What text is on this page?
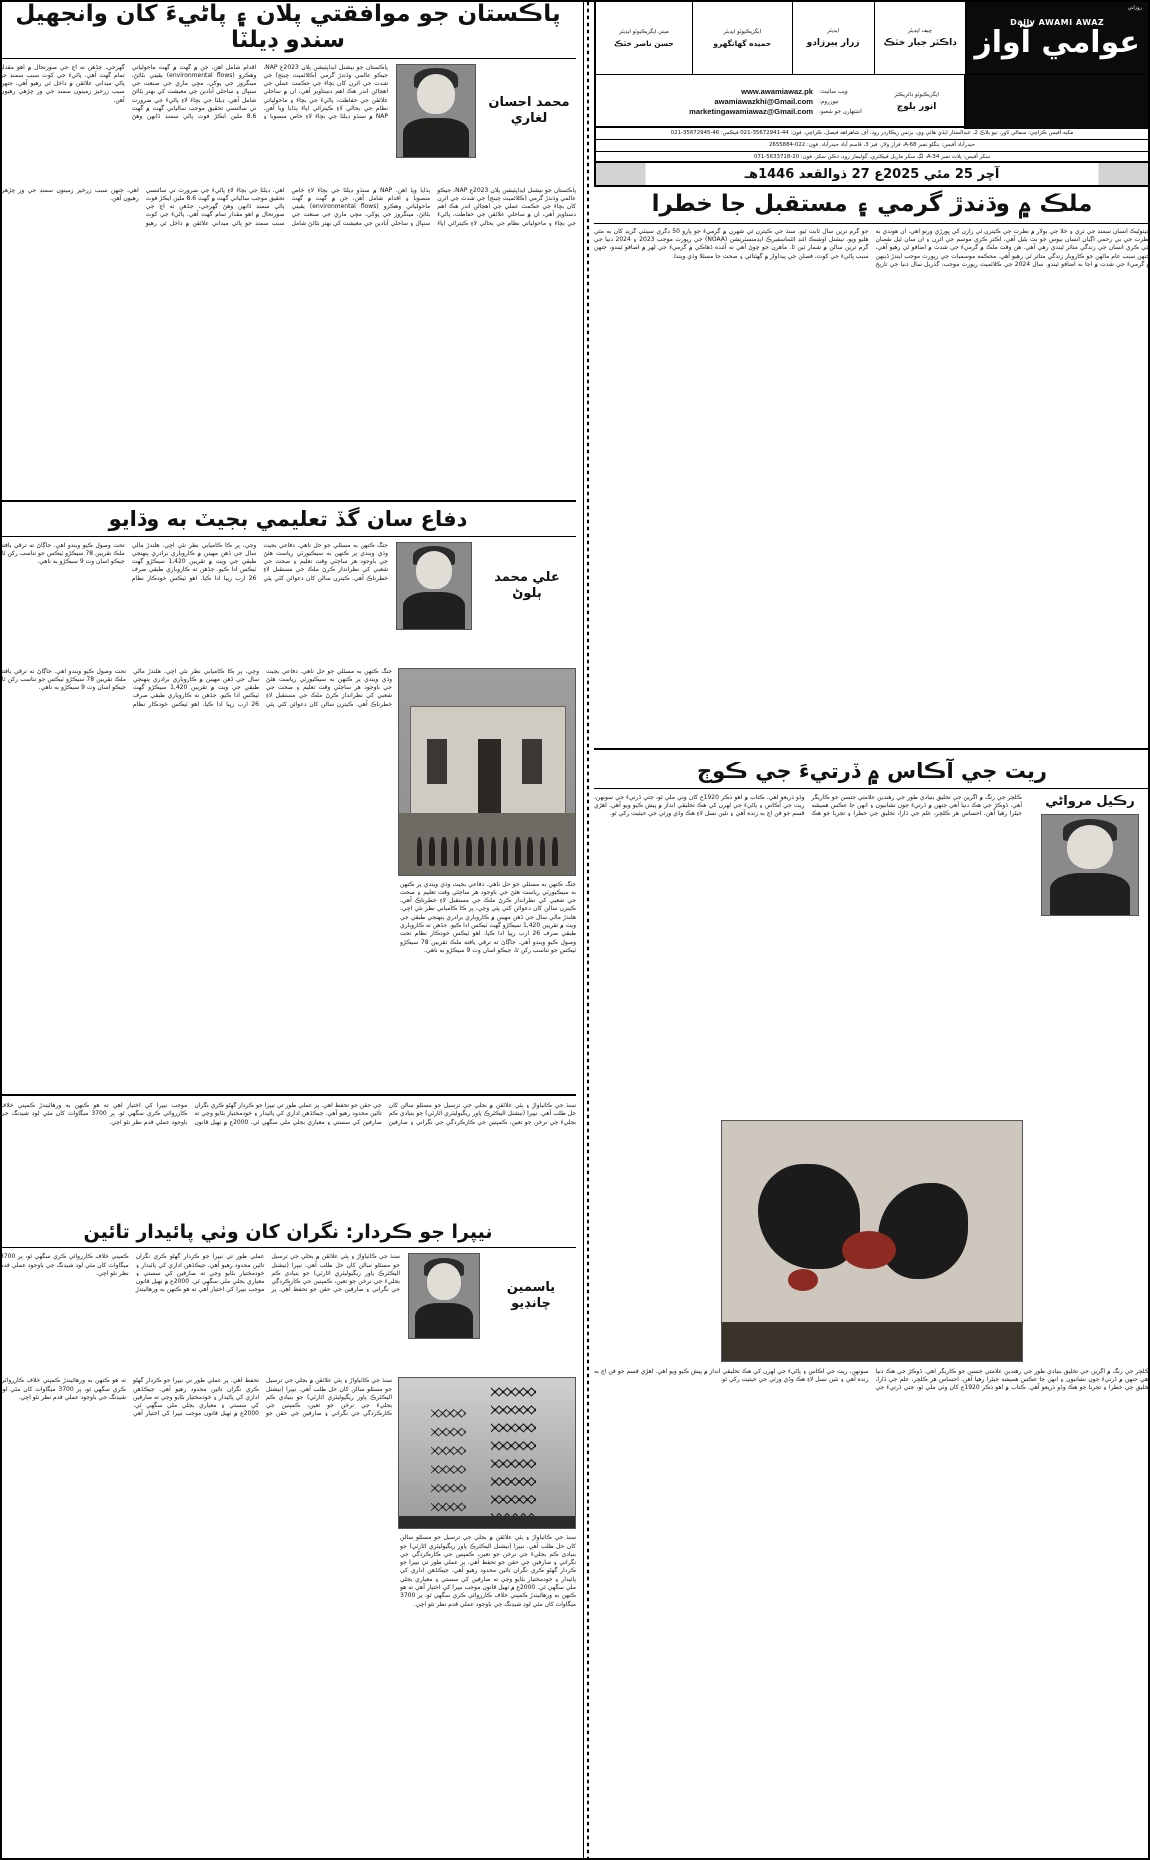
روزاني
Daily AWAMI AWAZ
عوامي آواز
چيف ايڊيٽر
ڊاڪٽر جبار خٽڪ
ايڊيٽر
زرار پيرزادو
ايگزيڪيوٽو ايڊيٽر
حميده گهانگهرو
ميني ايگزيڪيوٽو ايڊيٽر
حسن ناصر خٽڪ
ايگزيڪيوٽو ڊائريڪٽر
انور بلوچ
ويب سائيٽ:
www.awamiawaz.pk
نيوزروم:
awamiawazkhi@Gmail.com
اشتهارن جو شعبو:
marketingawamiawaz@Gmail.com
مکيه آفيس ڪراچي: سماڻي ٽاور، نيو بلاڪ 2، عبدالستار ايڌي هائي وي، بزنس ريڪارڊر روڊ، آف شاهراهه فيصل، ڪراچي. فون: 44-35672941-021 فيڪس: 46-35672945-021
حيدرآباد آفيس: بنگلو نمبر A-68، فراز ولاز، فيز 3، قاسم آباد حيدرآباد. فون: 022-2655884
سکر آفيس: پلاٽ نمبر A-34، لڳ سکر ماربل فيڪٽري، گوليمار روڊ، دڪن سکر. فون: 20-5633718-071
آچر 25 مئي 2025ع 27 ذوالقعد 1446هـ
ملڪ ۾ وڌندڙ گرمي ۽ مستقبل جا خطرا
جيتوڻيڪ انسان سمنڊ جي تري ۽ خلا جي بولار ۾ نظرت جي ڪيترن ئي رازن کي ڀورڙي ورتو آهي، ان هوندي به نظرت جي بي رحمي اڳيان انسان بيوس جو بت بڻيل آهي. اڪثر ڪري موسم جي اثرن ۽ ان سان ٿيل نقصان جي ڪري انسان جي زندگي متاثر ٿيندي رهي آهي. هن وقت ملڪ ۾ گرميءَ جي شدت ۾ اضافو ٿي رهيو آهي، جنهن سبب عام ماڻهن جو ڪاروبار زندگي متاثر ٿي رهيو آهي. محڪمه موسميات جي رپورٽ موجب ايندڙ ڏينهن ۾ گرميءَ جي شدت ۾ اڃا به اضافو ٿيندو. سال 2024 جي ڪلائميٽ رپورٽ موجب، گذريل سال دنيا جي تاريخ جو گرم ترين سال ثابت ٿيو. سنڌ جي ڪيترن ئي شهرن ۾ گرميءَ جو پارو 50 ڊگري سينٽي گريڊ کان به مٿي هليو ويو. نيشنل اوشنڪ ائنڊ ائٽماسفيرڪ ايڊمنسٽريشن (NOAA) جي رپورٽ موجب 2023 ۽ 2024 دنيا جي گرم ترين سالن ۾ شمار ٿين ٿا. ماهرن جو چوڻ آهي ته آئنده ڏهاڪي ۾ گرميءَ جي لهر ۾ اضافو ٿيندو، جنهن سبب پاڻيءَ جي کوٽ، فصلن جي پيداوار ۾ گهٽتائي ۽ صحت جا مسئلا وڌي ويندا.
ريت جي آڪاس ۾ ڏرتيءَ جي ڪوڄ
ڪلچر جي رنگ ۾ آڱرين جي تخليق بنيادي طور جي رهندين علامتي جنسن جو ڪاريگر آهي. ڏوڪڙ جي هڪ دنيا آهي جنهن ۾ ڏرتيءَ جون نشانيون ۽ انهن جا عڪس هميشه جيئرا رهيا آهن. احساس هر ڪلچر، علم جي ڌارا، تخليق جي خطرا ۽ تجربا جو هڪ وڏو ذريعو آهي. ڪتاب ۾ اهو ذڪر 1920ع کان وٺي ملي ٿو، جتي ڏرتيءَ جي سونهن، ريت جي آڪاس ۽ پاڻيءَ جي لهرن کي هڪ تخليقي انداز ۾ پيش ڪيو ويو آهي. اهڙي قسم جو فن اڄ به زنده آهي ۽ نئين نسل لاءِ هڪ وڏي ورثي جي حيثيت رکي ٿو.
رڪيل مرواٹي
ڪلچر جي رنگ ۾ آڱرين جي تخليق بنيادي طور جي رهندين علامتي جنسن جو ڪاريگر آهي. ڏوڪڙ جي هڪ دنيا آهي جنهن ۾ ڏرتيءَ جون نشانيون ۽ انهن جا عڪس هميشه جيئرا رهيا آهن. احساس هر ڪلچر، علم جي ڌارا، تخليق جي خطرا ۽ تجربا جو هڪ وڏو ذريعو آهي. ڪتاب ۾ اهو ذڪر 1920ع کان وٺي ملي ٿو، جتي ڏرتيءَ جي سونهن، ريت جي آڪاس ۽ پاڻيءَ جي لهرن کي هڪ تخليقي انداز ۾ پيش ڪيو ويو آهي. اهڙي قسم جو فن اڄ به زنده آهي ۽ نئين نسل لاءِ هڪ وڏي ورثي جي حيثيت رکي ٿو.
پاڪستان جو موافقتي پلان ۽ پاڻيءَ کان وانجهيل سندو ڊيلٽا
پاڪستان جو نيشنل ايڊاپٽيشن پلان 2023ع NAP، جيڪو عالمي وڌندڙ گرمي (ڪلائميٽ چينج) جي شدت جي اثرن کان بچاءَ جي حڪمت عملي جي اهڃاڻن اندر هڪ اهم دستاويز آهي، ان ۾ ساحلي علائقن جي حفاظت، پاڻيءَ جي بچاءَ ۽ ماحولياتي نظام جي بحالي لاءِ ڪيترائي اپاءَ ٻڌايا ويا آهن. NAP ۾ سنڌو ڊيلٽا جي بچاءَ لاءِ خاص منصوبا ۽ اقدام شامل آهن، جن ۾ گهٽ ۾ گهٽ ماحولياتي وهڪرو (environmental flows) يقيني بڻائڻ، مينگروز جي پوکي، مڇي ماري جي صنعت جي سنڀال ۽ ساحلي آبادين جي معيشت کي بهتر بڻائڻ شامل آهي. ڊيلٽا جي بچاءَ لاءِ پاڻيءَ جي ضرورت تي سائنسي تحقيق موجب سالياني گهٽ ۾ گهٽ 8.6 ملين ايڪڙ فوٽ پاڻي سمنڊ ڏانهن وهڻ گهرجي، جڏهن ته اڄ جي صورتحال ۾ اهو مقدار تمام گهٽ آهي. پاڻيءَ جي کوٽ سبب سمنڊ جو پاڻي ميداني علائقن ۾ داخل ٿي رهيو آهي، جنهن سبب زرخيز زمينون سمنڊ جي ور چڙهي رهيون آهن.	محمد احسان لغاري
پاڪستان جو نيشنل ايڊاپٽيشن پلان 2023ع NAP، جيڪو عالمي وڌندڙ گرمي (ڪلائميٽ چينج) جي شدت جي اثرن کان بچاءَ جي حڪمت عملي جي اهڃاڻن اندر هڪ اهم دستاويز آهي، ان ۾ ساحلي علائقن جي حفاظت، پاڻيءَ جي بچاءَ ۽ ماحولياتي نظام جي بحالي لاءِ ڪيترائي اپاءَ ٻڌايا ويا آهن. NAP ۾ سنڌو ڊيلٽا جي بچاءَ لاءِ خاص منصوبا ۽ اقدام شامل آهن، جن ۾ گهٽ ۾ گهٽ ماحولياتي وهڪرو (environmental flows) يقيني بڻائڻ، مينگروز جي پوکي، مڇي ماري جي صنعت جي سنڀال ۽ ساحلي آبادين جي معيشت کي بهتر بڻائڻ شامل آهي. ڊيلٽا جي بچاءَ لاءِ پاڻيءَ جي ضرورت تي سائنسي تحقيق موجب سالياني گهٽ ۾ گهٽ 8.6 ملين ايڪڙ فوٽ پاڻي سمنڊ ڏانهن وهڻ گهرجي، جڏهن ته اڄ جي صورتحال ۾ اهو مقدار تمام گهٽ آهي. پاڻيءَ جي کوٽ سبب سمنڊ جو پاڻي ميداني علائقن ۾ داخل ٿي رهيو آهي، جنهن سبب زرخيز زمينون سمنڊ جي ور چڙهي رهيون آهن.
دفاع سان گڏ تعليمي بجيٽ به وڌايو
جنگ ڪنهن به مسئلي جو حل ناهي. دفاعي بجيٽ وڌي ويندي پر ڪنهن به سيڪيورٽي رياست هئڻ جي باوجود هر ساڄٽي وقت تعليم ۽ صحت جي شعبي کي نظرانداز ڪرڻ ملڪ جي مستقبل لاءِ خطرناڪ آهي. ڪيترن سالن کان دعوائن کٽي پئي وڃي، پر ڪا ڪاميابي نظر نٿي اچي. هلندڙ مالي سال جي ڏهن مهينن ۾ ڪاروباري برادري پنهنجي طبقي جي ويت ۾ تقريبن 1,420 سيڪڙو گهٽ ٽيڪس ادا ڪيو. جڏهن ته ڪاروباري طبقي صرف 26 ارب رپيا ادا ڪيا. اهو ٽيڪس خودڪار نظام تحت وصول ڪيو ويندو آهي. جاڳاڻ ته ترقي يافته ملڪ تقريبن 78 سيڪڙو ٽيڪس جو تناسب رکن ٿا، جيڪو اسان وٽ 9 سيڪڙو به ناهي.
علي محمد ٻلوڻ
جنگ ڪنهن به مسئلي جو حل ناهي. دفاعي بجيٽ وڌي ويندي پر ڪنهن به سيڪيورٽي رياست هئڻ جي باوجود هر ساڄٽي وقت تعليم ۽ صحت جي شعبي کي نظرانداز ڪرڻ ملڪ جي مستقبل لاءِ خطرناڪ آهي. ڪيترن سالن کان دعوائن کٽي پئي وڃي، پر ڪا ڪاميابي نظر نٿي اچي. هلندڙ مالي سال جي ڏهن مهينن ۾ ڪاروباري برادري پنهنجي طبقي جي ويت ۾ تقريبن 1,420 سيڪڙو گهٽ ٽيڪس ادا ڪيو. جڏهن ته ڪاروباري طبقي صرف 26 ارب رپيا ادا ڪيا. اهو ٽيڪس خودڪار نظام تحت وصول ڪيو ويندو آهي. جاڳاڻ ته ترقي يافته ملڪ تقريبن 78 سيڪڙو ٽيڪس جو تناسب رکن ٿا، جيڪو اسان وٽ 9 سيڪڙو به ناهي.
جنگ ڪنهن به مسئلي جو حل ناهي. دفاعي بجيٽ وڌي ويندي پر ڪنهن به سيڪيورٽي رياست هئڻ جي باوجود هر ساڄٽي وقت تعليم ۽ صحت جي شعبي کي نظرانداز ڪرڻ ملڪ جي مستقبل لاءِ خطرناڪ آهي. ڪيترن سالن کان دعوائن کٽي پئي وڃي، پر ڪا ڪاميابي نظر نٿي اچي. هلندڙ مالي سال جي ڏهن مهينن ۾ ڪاروباري برادري پنهنجي طبقي جي ويت ۾ تقريبن 1,420 سيڪڙو گهٽ ٽيڪس ادا ڪيو. جڏهن ته ڪاروباري طبقي صرف 26 ارب رپيا ادا ڪيا. اهو ٽيڪس خودڪار نظام تحت وصول ڪيو ويندو آهي. جاڳاڻ ته ترقي يافته ملڪ تقريبن 78 سيڪڙو ٽيڪس جو تناسب رکن ٿا، جيڪو اسان وٽ 9 سيڪڙو به ناهي.
سنڌ جي ڪاٺياواڙ ۽ ٻئي علائقن ۾ بجلي جي ترسيل جو مسئلو سالن کان حل طلب آهي. نيپرا (نيشنل اليڪٽرڪ پاور ريگيوليٽري اٿارٽي) جو بنيادي ڪم بجليءَ جي نرخن جو تعين، ڪمپنين جي ڪارڪردگي جي نگراني ۽ صارفين جي حقن جو تحفظ آهي. پر عملي طور تي نيپرا جو ڪردار گهڻو ڪري نگران تائين محدود رهيو آهي. جيڪڏهن اداري کي پائيدار ۽ خودمختيار بڻايو وڃي ته صارفين کي سستي ۽ معياري بجلي ملي سگهي ٿي. 2000ع ۾ ٺهيل قانون موجب نيپرا کي اختيار آهي ته هو ڪنهن به ورهائيندڙ ڪمپني خلاف ڪارروائي ڪري سگهي ٿو، پر 3700 ميگاواٽ کان مٿي لوڊ شيڊنگ جي باوجود عملي قدم نظر نٿو اچي.
نيپرا جو ڪردار: نگران کان وٺي پائيدار تائين
سنڌ جي ڪاٺياواڙ ۽ ٻئي علائقن ۾ بجلي جي ترسيل جو مسئلو سالن کان حل طلب آهي. نيپرا (نيشنل اليڪٽرڪ پاور ريگيوليٽري اٿارٽي) جو بنيادي ڪم بجليءَ جي نرخن جو تعين، ڪمپنين جي ڪارڪردگي جي نگراني ۽ صارفين جي حقن جو تحفظ آهي. پر عملي طور تي نيپرا جو ڪردار گهڻو ڪري نگران تائين محدود رهيو آهي. جيڪڏهن اداري کي پائيدار ۽ خودمختيار بڻايو وڃي ته صارفين کي سستي ۽ معياري بجلي ملي سگهي ٿي. 2000ع ۾ ٺهيل قانون موجب نيپرا کي اختيار آهي ته هو ڪنهن به ورهائيندڙ ڪمپني خلاف ڪارروائي ڪري سگهي ٿو، پر 3700 ميگاواٽ کان مٿي لوڊ شيڊنگ جي باوجود عملي قدم نظر نٿو اچي.
ياسمين چانڊيو
سنڌ جي ڪاٺياواڙ ۽ ٻئي علائقن ۾ بجلي جي ترسيل جو مسئلو سالن کان حل طلب آهي. نيپرا (نيشنل اليڪٽرڪ پاور ريگيوليٽري اٿارٽي) جو بنيادي ڪم بجليءَ جي نرخن جو تعين، ڪمپنين جي ڪارڪردگي جي نگراني ۽ صارفين جي حقن جو تحفظ آهي. پر عملي طور تي نيپرا جو ڪردار گهڻو ڪري نگران تائين محدود رهيو آهي. جيڪڏهن اداري کي پائيدار ۽ خودمختيار بڻايو وڃي ته صارفين کي سستي ۽ معياري بجلي ملي سگهي ٿي. 2000ع ۾ ٺهيل قانون موجب نيپرا کي اختيار آهي ته هو ڪنهن به ورهائيندڙ ڪمپني خلاف ڪارروائي ڪري سگهي ٿو، پر 3700 ميگاواٽ کان مٿي لوڊ شيڊنگ جي باوجود عملي قدم نظر نٿو اچي.
سنڌ جي ڪاٺياواڙ ۽ ٻئي علائقن ۾ بجلي جي ترسيل جو مسئلو سالن کان حل طلب آهي. نيپرا (نيشنل اليڪٽرڪ پاور ريگيوليٽري اٿارٽي) جو بنيادي ڪم بجليءَ جي نرخن جو تعين، ڪمپنين جي ڪارڪردگي جي نگراني ۽ صارفين جي حقن جو تحفظ آهي. پر عملي طور تي نيپرا جو ڪردار گهڻو ڪري نگران تائين محدود رهيو آهي. جيڪڏهن اداري کي پائيدار ۽ خودمختيار بڻايو وڃي ته صارفين کي سستي ۽ معياري بجلي ملي سگهي ٿي. 2000ع ۾ ٺهيل قانون موجب نيپرا کي اختيار آهي ته هو ڪنهن به ورهائيندڙ ڪمپني خلاف ڪارروائي ڪري سگهي ٿو، پر 3700 ميگاواٽ کان مٿي لوڊ شيڊنگ جي باوجود عملي قدم نظر نٿو اچي.
